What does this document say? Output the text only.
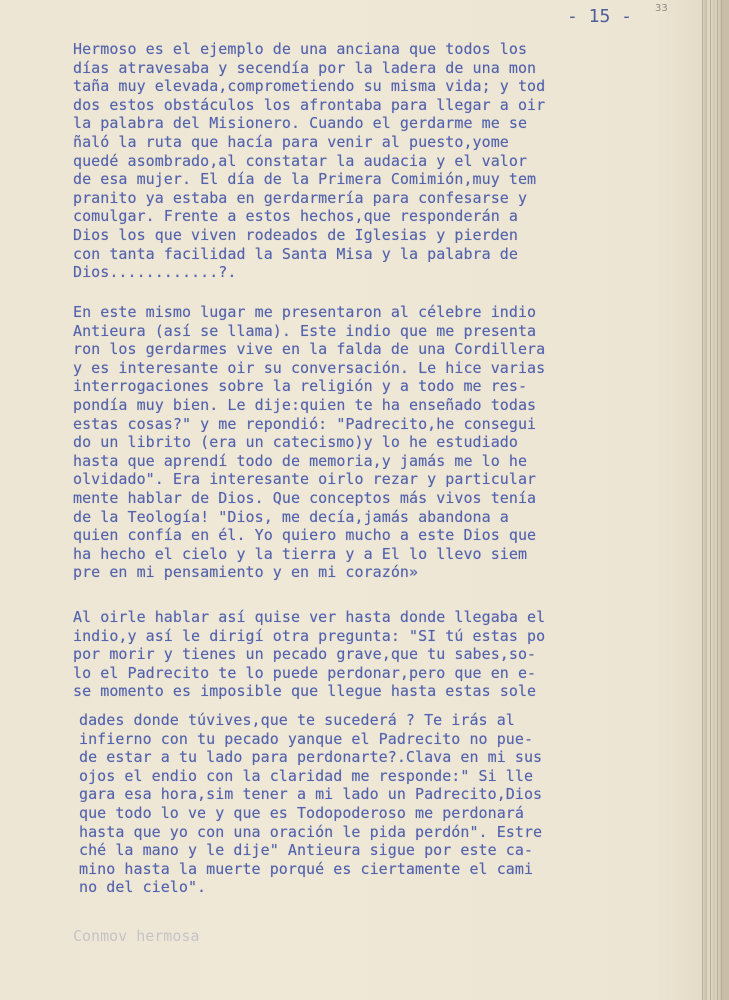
- 15 - 33
Hermoso es el ejemplo de una anciana que todos los
días atravesaba y secendía por la ladera de una mon
taña muy elevada,comprometiendo su misma vida; y tod
dos estos obstáculos los afrontaba para llegar a oir
la palabra del Misionero. Cuando el gerdarme me se
ñaló la ruta que hacía para venir al puesto,yome
quedé asombrado,al constatar la audacia y el valor
de esa mujer. El día de la Primera Comimión,muy tem
pranito ya estaba en gerdarmería para confesarse y
comulgar. Frente a estos hechos,que responderán a
Dios los que viven rodeados de Iglesias y pierden
con tanta facilidad la Santa Misa y la palabra de
Dios............?.
En este mismo lugar me presentaron al célebre indio
Antieura (así se llama). Este indio que me presenta
ron los gerdarmes vive en la falda de una Cordillera
y es interesante oir su conversación. Le hice varias
interrogaciones sobre la religión y a todo me res-
pondía muy bien. Le dije:quien te ha enseñado todas
estas cosas?" y me repondió: "Padrecito,he consegui
do un librito (era un catecismo)y lo he estudiado
hasta que aprendí todo de memoria,y jamás me lo he
olvidado". Era interesante oirlo rezar y particular
mente hablar de Dios. Que conceptos más vivos tenía
de la Teología! "Dios, me decía,jamás abandona a
quien confía en él. Yo quiero mucho a este Dios que
ha hecho el cielo y la tierra y a El lo llevo siem
pre en mi pensamiento y en mi corazón»
Al oirle hablar así quise ver hasta donde llegaba el
indio,y así le dirigí otra pregunta: "SI tú estas po
por morir y tienes un pecado grave,que tu sabes,so-
lo el Padrecito te lo puede perdonar,pero que en e-
se momento es imposible que llegue hasta estas sole
dades donde túvives,que te sucederá ? Te irás al
infierno con tu pecado yanque el Padrecito no pue-
de estar a tu lado para perdonarte?.Clava en mi sus
ojos el endio con la claridad me responde:" Si lle
gara esa hora,sim tener a mi lado un Padrecito,Dios
que todo lo ve y que es Todopoderoso me perdonará
hasta que yo con una oración le pida perdón". Estre
ché la mano y le dije" Antieura sigue por este ca-
mino hasta la muerte porqué es ciertamente el cami
no del cielo".
Conmov hermosa
